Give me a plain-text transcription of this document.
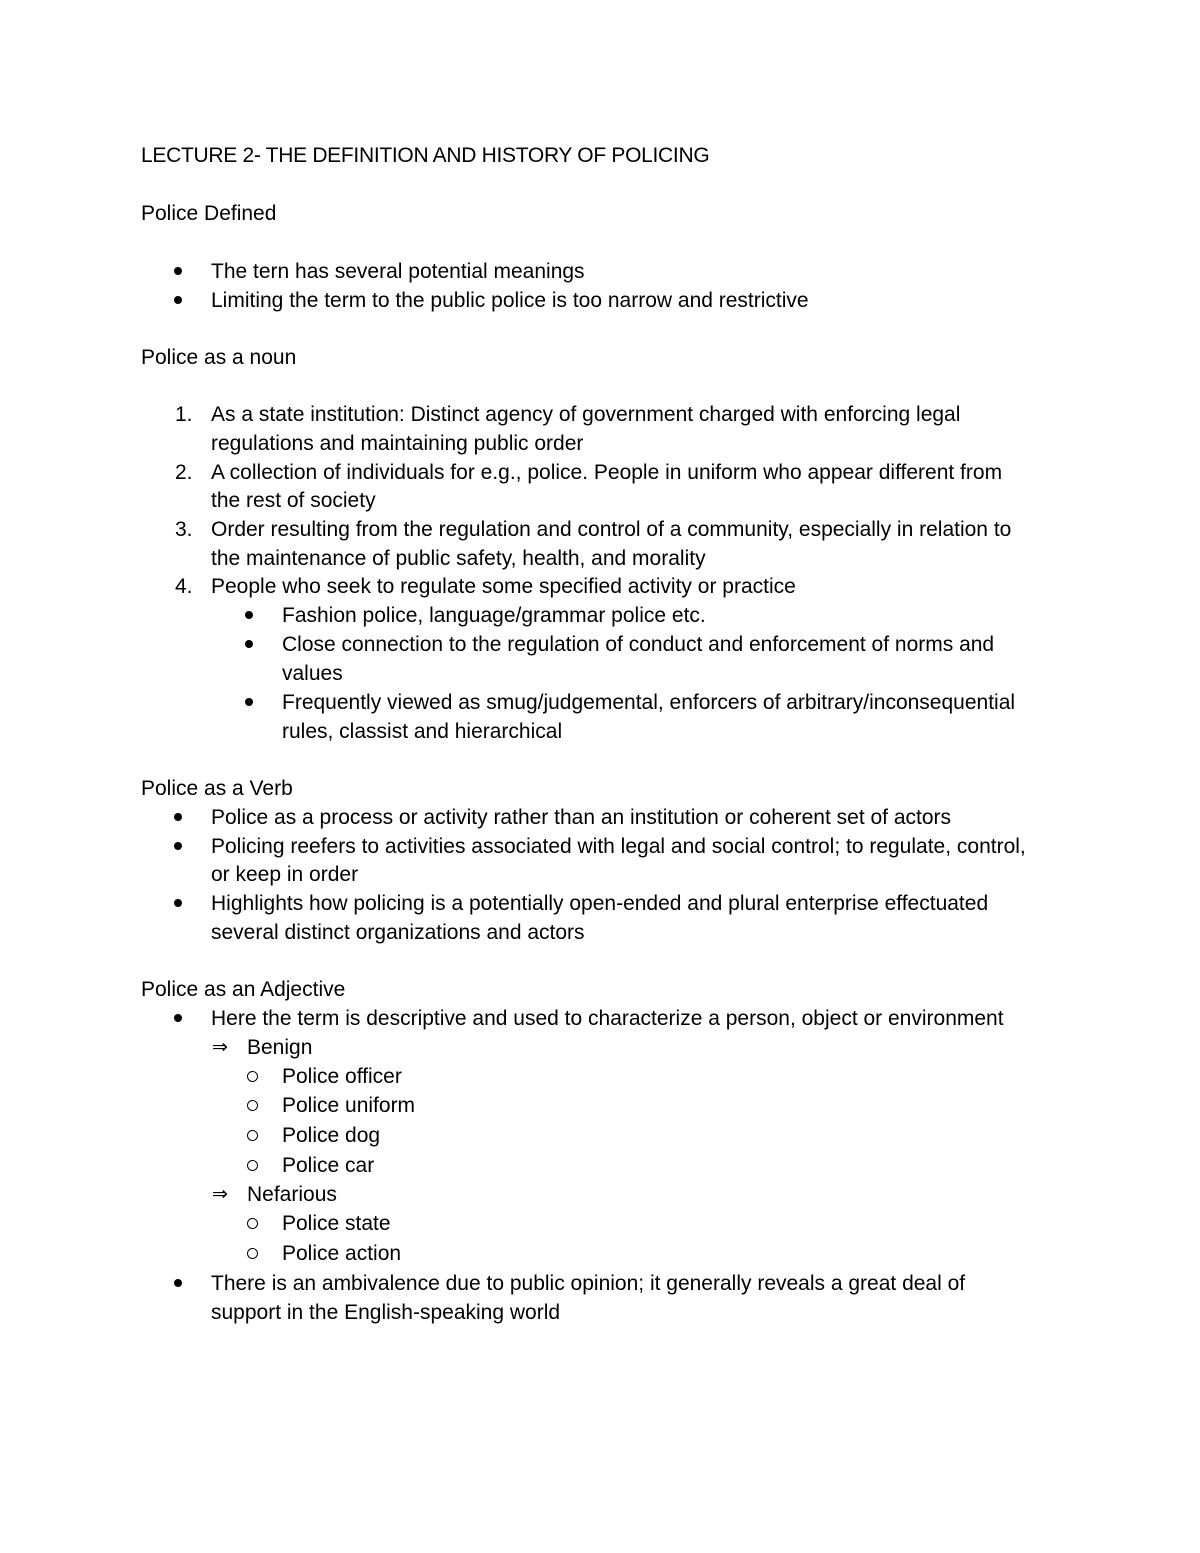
LECTURE 2- THE DEFINITION AND HISTORY OF POLICING
Police Defined
The tern has several potential meanings
Limiting the term to the public police is too narrow and restrictive
Police as a noun
1. As a state institution: Distinct agency of government charged with enforcing legal
regulations and maintaining public order
2. A collection of individuals for e.g., police. People in uniform who appear different from
the rest of society
3. Order resulting from the regulation and control of a community, especially in relation to
the maintenance of public safety, health, and morality
4. People who seek to regulate some specified activity or practice
Fashion police, language/grammar police etc.
Close connection to the regulation of conduct and enforcement of norms and
values
Frequently viewed as smug/judgemental, enforcers of arbitrary/inconsequential
rules, classist and hierarchical
Police as a Verb
Police as a process or activity rather than an institution or coherent set of actors
Policing reefers to activities associated with legal and social control; to regulate, control,
or keep in order
Highlights how policing is a potentially open-ended and plural enterprise effectuated
several distinct organizations and actors
Police as an Adjective
Here the term is descriptive and used to characterize a person, object or environment
⇒ Benign
Police officer
Police uniform
Police dog
Police car
⇒ Nefarious
Police state
Police action
There is an ambivalence due to public opinion; it generally reveals a great deal of
support in the English-speaking world
